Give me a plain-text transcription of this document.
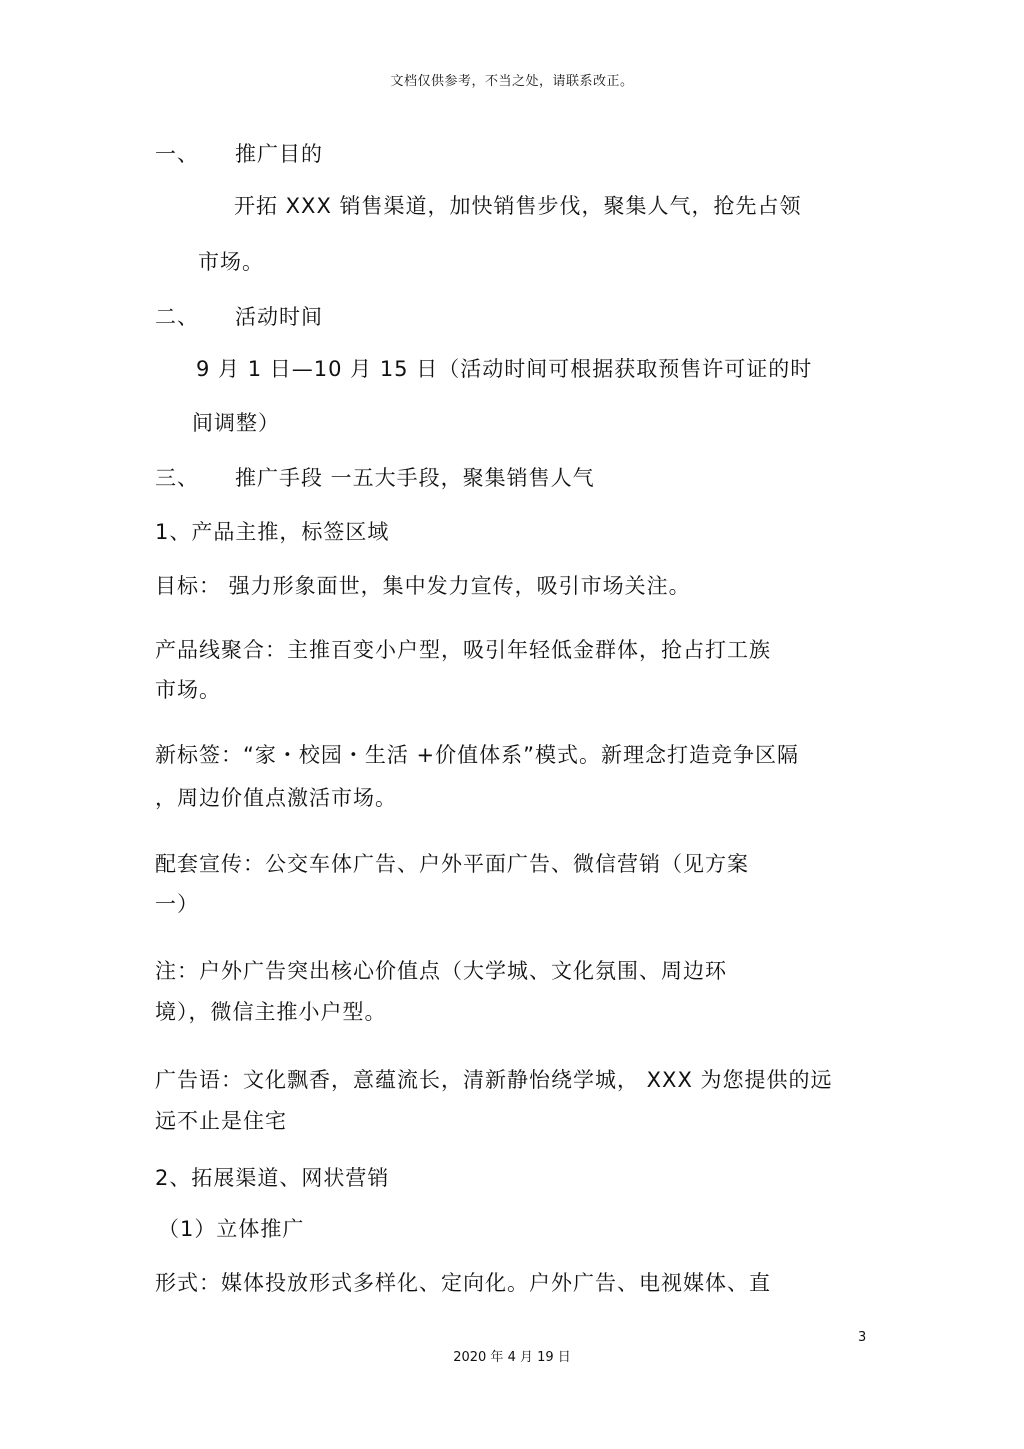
文档仅供参考，不当之处，请联系改正。
一、 推广目的
开拓 XXX 销售渠道，加快销售步伐，聚集人气，抢先占领
市场。
二、 活动时间
9 月 1 日—10 月 15 日（活动时间可根据获取预售许可证的时
间调整）
三、 推广手段 一五大手段，聚集销售人气
1、产品主推，标签区域
目标： 强力形象面世，集中发力宣传，吸引市场关注。
产品线聚合：主推百变小户型，吸引年轻低金群体，抢占打工族
市场。
新标签：“家・校园・生活 +价值体系”模式。新理念打造竞争区隔
，周边价值点激活市场。
配套宣传：公交车体广告、户外平面广告、微信营销（见方案
一）
注：户外广告突出核心价值点（大学城、文化氛围、周边环
境），微信主推小户型。
广告语：文化飘香，意蕴流长，清新静怡绕学城， XXX 为您提供的远
远不止是住宅
2、拓展渠道、网状营销
（1）立体推广
形式：媒体投放形式多样化、定向化。户外广告、电视媒体、直
3
2020 年 4 月 19 日
